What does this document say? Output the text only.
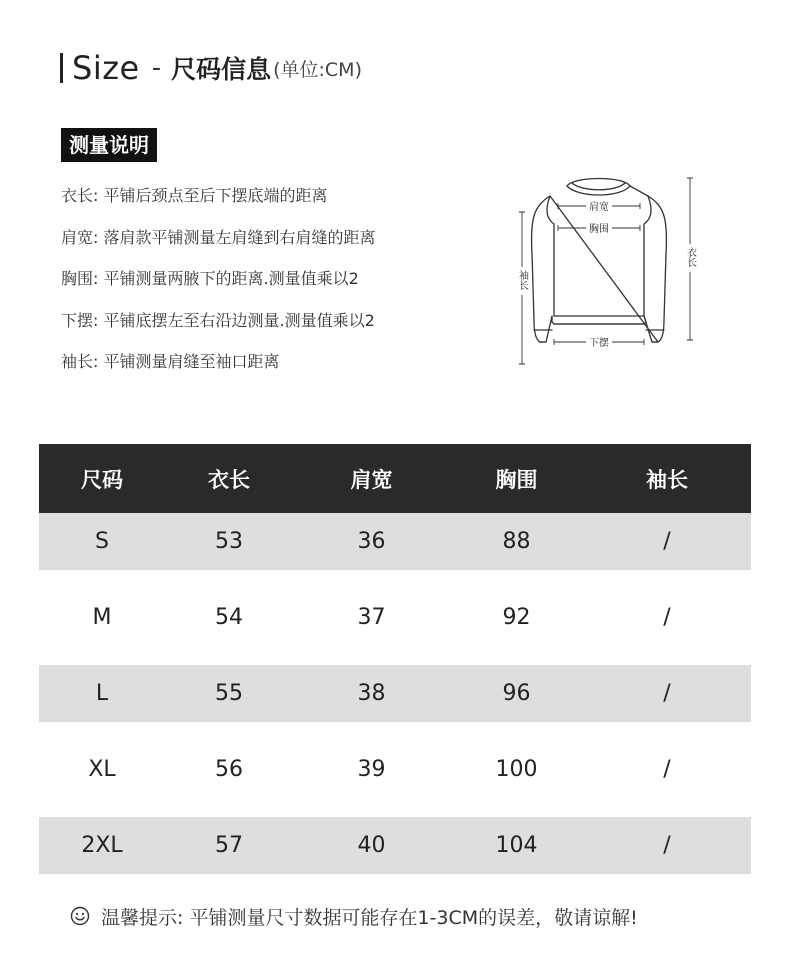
Size - 尺码信息 (单位:CM)
测量说明
衣长: 平铺后颈点至后下摆底端的距离
肩宽: 落肩款平铺测量左肩缝到右肩缝的距离
胸围: 平铺测量两腋下的距离.测量值乘以2
下摆: 平铺底摆左至右沿边测量.测量值乘以2
袖长: 平铺测量肩缝至袖口距离
肩宽
胸围
下摆
袖长
衣长
尺码	衣长	肩宽	胸围	袖长
S	53	36	88	/
M	54	37	92	/
L	55	38	96	/
XL	56	39	100	/
2XL	57	40	104	/
温馨提示: 平铺测量尺寸数据可能存在1-3CM的误差，敬请谅解!
